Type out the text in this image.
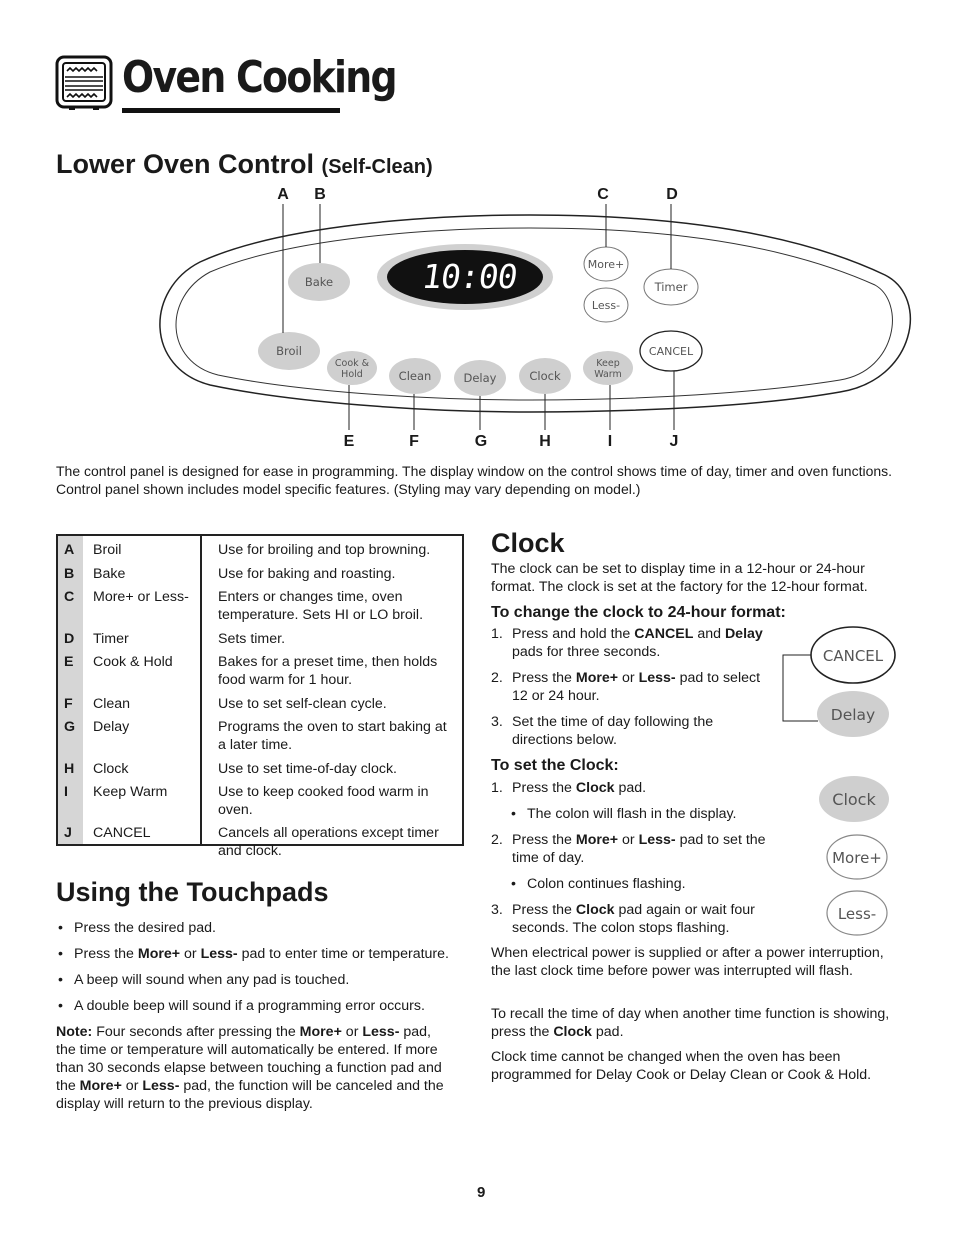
Oven Cooking
Lower Oven Control (Self-Clean)
10:00
Bake
Broil
More+
Less-
Timer
CANCEL
Cook &
Hold	Clean	Delay	Clock
Keep
Warm
A B	C	D
E	F	G	H	I	J
The control panel is designed for ease in programming. The display window on the control shows time of day, timer and oven functions. Control panel shown includes model specific features. (Styling may vary depending on model.)
A	Broil	Use for broiling and top browning.
B	Bake	Use for baking and roasting.
C	More+ or Less-	Enters or changes time, oven temperature. Sets HI or LO broil.
D	Timer	Sets timer.
E	Cook & Hold	Bakes for a preset time, then holds food warm for 1 hour.
F	Clean	Use to set self-clean cycle.
G	Delay	Programs the oven to start baking at a later time.
H	Clock	Use to set time-of-day clock.
I	Keep Warm	Use to keep cooked food warm in oven.
J	CANCEL	Cancels all operations except timer and clock.
Using the Touchpads
• Press the desired pad.
• Press the More+ or Less- pad to enter time or temperature.
• A beep will sound when any pad is touched.
• A double beep will sound if a programming error occurs.
Note: Four seconds after pressing the More+ or Less- pad, the time or temperature will automatically be entered. If more than 30 seconds elapse between touching a function pad and the More+ or Less- pad, the function will be canceled and the display will return to the previous display.
Clock
The clock can be set to display time in a 12-hour or 24-hour format. The clock is set at the factory for the 12-hour format.
To change the clock to 24-hour format:
1. Press and hold the CANCEL and Delay pads for three seconds.
2. Press the More+ or Less- pad to select 12 or 24 hour.
3. Set the time of day following the directions below.
CANCEL
Delay
To set the Clock:
1. Press the Clock pad.
• The colon will flash in the display.
2. Press the More+ or Less- pad to set the time of day.
• Colon continues flashing.
3. Press the Clock pad again or wait four seconds. The colon stops flashing.
Clock
More+
Less-
When electrical power is supplied or after a power interruption, the last clock time before power was interrupted will flash.
To recall the time of day when another time function is showing, press the Clock pad.
Clock time cannot be changed when the oven has been programmed for Delay Cook or Delay Clean or Cook & Hold.
9
